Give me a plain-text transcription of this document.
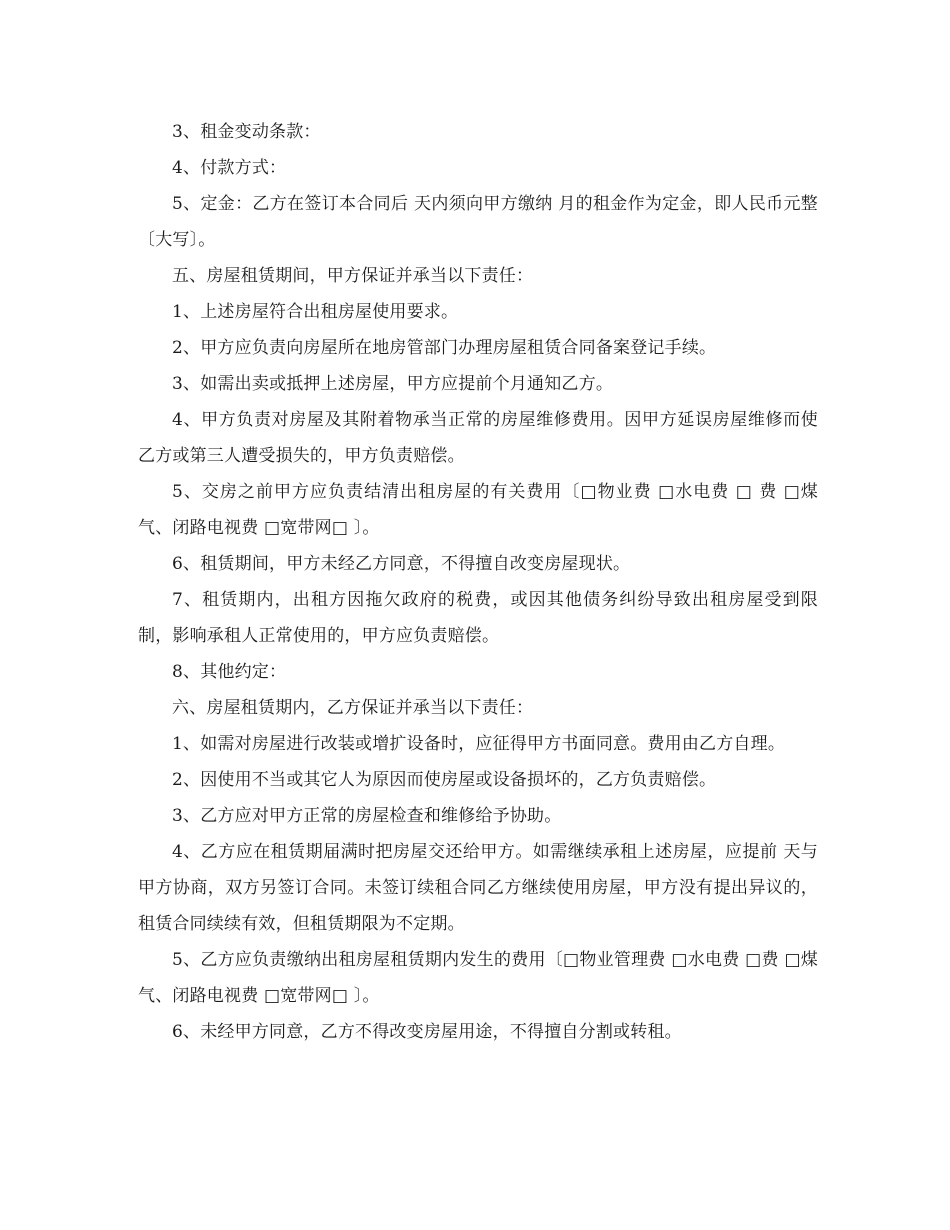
3、租金变动条款：

4、付款方式：

5、定金：乙方在签订本合同后 天内须向甲方缴纳 月的租金作为定金，即人民币元整〔大写〕。

五、房屋租赁期间，甲方保证并承当以下责任：

1、上述房屋符合出租房屋使用要求。

2、甲方应负责向房屋所在地房管部门办理房屋租赁合同备案登记手续。

3、如需出卖或抵押上述房屋，甲方应提前个月通知乙方。

4、甲方负责对房屋及其附着物承当正常的房屋维修费用。因甲方延误房屋维修而使乙方或第三人遭受损失的，甲方负责赔偿。

5、交房之前甲方应负责结清出租房屋的有关费用〔□物业费 □水电费 □ 费 □煤气、闭路电视费 □宽带网□ 〕。

6、租赁期间，甲方未经乙方同意，不得擅自改变房屋现状。

7、租赁期内，出租方因拖欠政府的税费，或因其他债务纠纷导致出租房屋受到限制，影响承租人正常使用的，甲方应负责赔偿。

8、其他约定：

六、房屋租赁期内，乙方保证并承当以下责任：

1、如需对房屋进行改装或增扩设备时，应征得甲方书面同意。费用由乙方自理。

2、因使用不当或其它人为原因而使房屋或设备损坏的，乙方负责赔偿。

3、乙方应对甲方正常的房屋检查和维修给予协助。

4、乙方应在租赁期届满时把房屋交还给甲方。如需继续承租上述房屋，应提前 天与甲方协商，双方另签订合同。未签订续租合同乙方继续使用房屋，甲方没有提出异议的，租赁合同续续有效，但租赁期限为不定期。

5、乙方应负责缴纳出租房屋租赁期内发生的费用〔□物业管理费 □水电费 □费 □煤气、闭路电视费 □宽带网□ 〕。

6、未经甲方同意，乙方不得改变房屋用途，不得擅自分割或转租。
